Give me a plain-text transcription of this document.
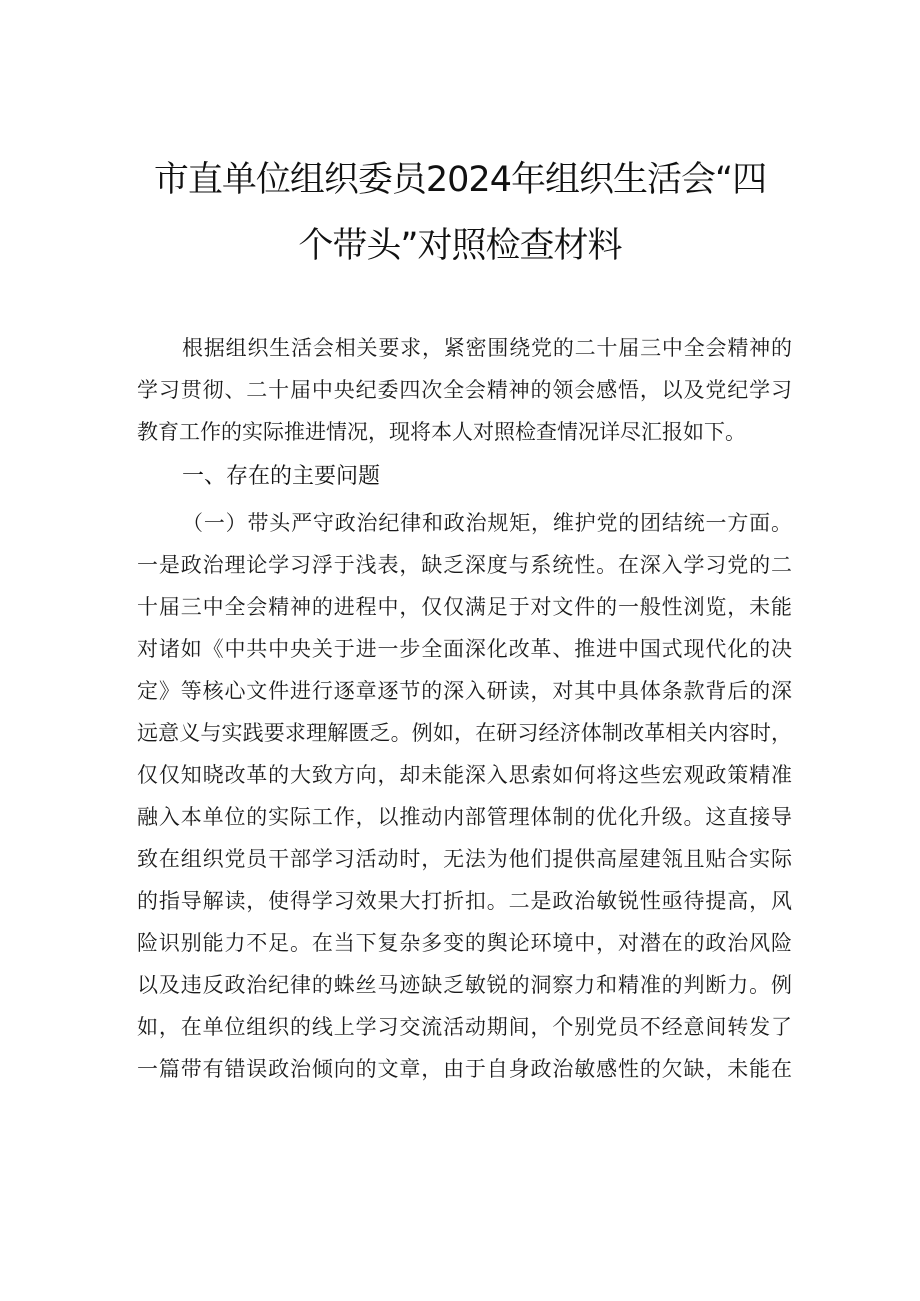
市直单位组织委员2024年组织生活会“四
个带头”对照检查材料
根据组织生活会相关要求，紧密围绕党的二十届三中全会精神的
学习贯彻、二十届中央纪委四次全会精神的领会感悟，以及党纪学习
教育工作的实际推进情况，现将本人对照检查情况详尽汇报如下。
一、存在的主要问题
（一）带头严守政治纪律和政治规矩，维护党的团结统一方面。
一是政治理论学习浮于浅表，缺乏深度与系统性。在深入学习党的二
十届三中全会精神的进程中，仅仅满足于对文件的一般性浏览，未能
对诸如《中共中央关于进一步全面深化改革、推进中国式现代化的决
定》等核心文件进行逐章逐节的深入研读，对其中具体条款背后的深
远意义与实践要求理解匮乏。例如，在研习经济体制改革相关内容时，
仅仅知晓改革的大致方向，却未能深入思索如何将这些宏观政策精准
融入本单位的实际工作，以推动内部管理体制的优化升级。这直接导
致在组织党员干部学习活动时，无法为他们提供高屋建瓴且贴合实际
的指导解读，使得学习效果大打折扣。二是政治敏锐性亟待提高，风
险识别能力不足。在当下复杂多变的舆论环境中，对潜在的政治风险
以及违反政治纪律的蛛丝马迹缺乏敏锐的洞察力和精准的判断力。例
如，在单位组织的线上学习交流活动期间，个别党员不经意间转发了
一篇带有错误政治倾向的文章，由于自身政治敏感性的欠缺，未能在
